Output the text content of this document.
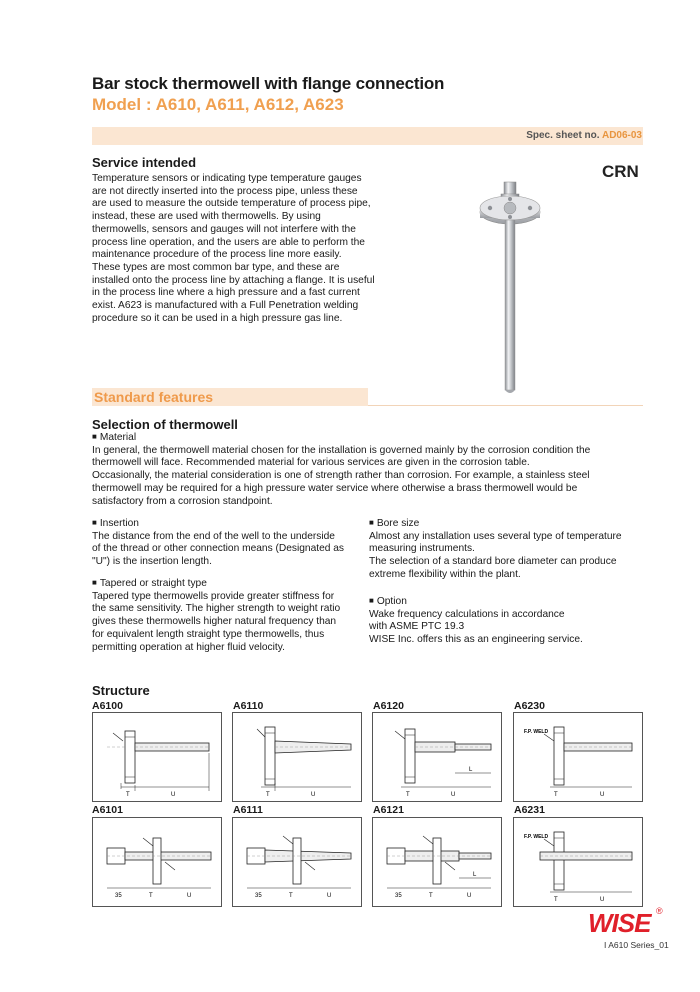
Bar stock thermowell with flange connection
Model : A610, A611, A612, A623
Spec. sheet no. AD06-03
Service intended
Temperature sensors or indicating type temperature gauges
are not directly inserted into the process pipe, unless these
are used to measure the outside temperature of process pipe,
instead, these are used with thermowells. By using
thermowells, sensors and gauges will not interfere with the
process line operation, and the users are able to perform the
maintenance procedure of the process line more easily.
These types are most common bar type, and these are
installed onto the process line by attaching a flange. It is useful
in the process line where a high pressure and a fast current
exist. A623 is manufactured with a Full Penetration welding
procedure so it can be used in a high pressure gas line.
CRN
Standard features
Selection of thermowell
■ Material
In general, the thermowell material chosen for the installation is governed mainly by the corrosion condition the
thermowell will face. Recommended material for various services are given in the corrosion table.
Occasionally, the material consideration is one of strength rather than corrosion. For example, a stainless steel
thermowell may be required for a high pressure water service where otherwise a brass thermowell would be
satisfactory from a corrosion standpoint.
■ Insertion
The distance from the end of the well to the underside
of the thread or other connection means (Designated as
"U") is the insertion length.
■ Tapered or straight type
Tapered type thermowells provide greater stiffness for
the same sensitivity. The higher strength to weight ratio
gives these thermowells higher natural frequency than
for equivalent length straight type thermowells, thus
permitting operation at higher fluid velocity.
■ Bore size
Almost any installation uses several type of temperature
measuring instruments.
The selection of a standard bore diameter can produce
extreme flexibility within the plant.
■ Option
Wake frequency calculations in accordance
with ASME PTC 19.3
WISE Inc. offers this as an engineering service.
Structure
A6100	A6110	A6120	A6230
T	U	T	U
L
T	U
F.P. WELD
T	U
A6101	A6111	A6121	A6231
35	T	U	35	T	U
L
35	T	U
F.P. WELD
T	U
WISE ®
I A610 Series_01
